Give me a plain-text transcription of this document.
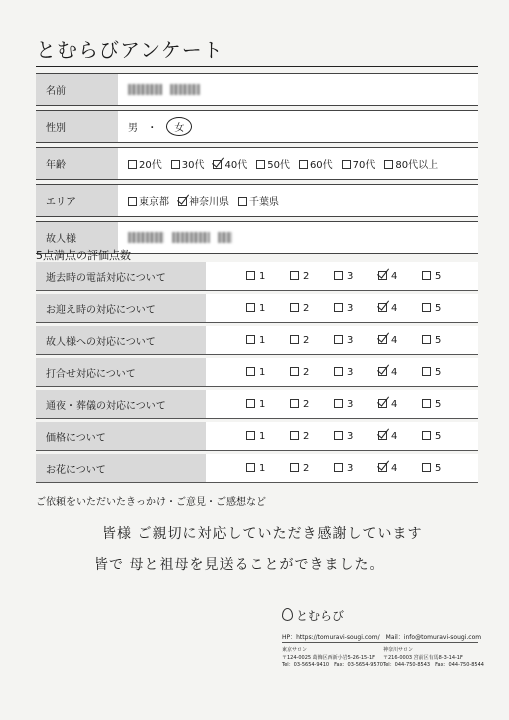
とむらびアンケート
名前	

性別	男 ・ 女

年齢	20代 30代 40代 50代 60代 70代 80代以上

エリア	東京都 神奈川県 千葉県

故人様	
5点満点の評価点数
逝去時の電話対応について	1 2 3 4 5

お迎え時の対応について	1 2 3 4 5

故人様への対応について	1 2 3 4 5

打合せ対応について	1 2 3 4 5

通夜・葬儀の対応について	1 2 3 4 5

価格について	1 2 3 4 5

お花について	1 2 3 4 5
ご依頼をいただいたきっかけ・ご意見・ご感想など
皆様 ご親切に対応していただき感謝しています
皆で 母と祖母を見送ることができました。
とむらび
HP：https://tomuravi-sougi.com/　Mail：info@tomuravi-sougi.com
東京サロン
〒124-0025 葛飾区西新小岩5-26-15-1F
Tel：03-5654-9410　Fax：03-5654-9570
神奈川サロン
〒216-0003 宮前区有馬8-3-14-1F
Tel：044-750-8543　Fax：044-750-8544
